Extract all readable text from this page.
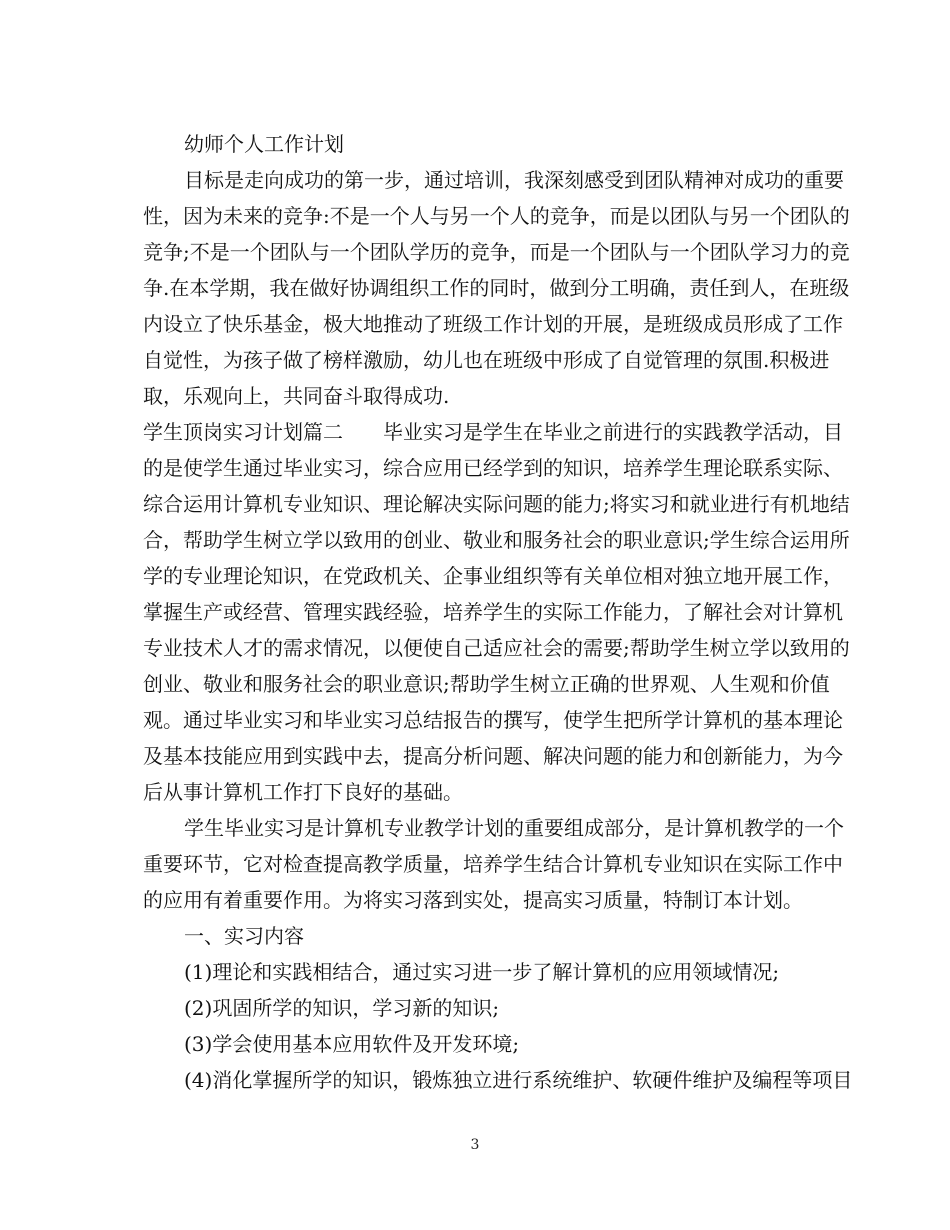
幼师个人工作计划
目标是走向成功的第一步，通过培训，我深刻感受到团队精神对成功的重要
性，因为未来的竞争:不是一个人与另一个人的竞争，而是以团队与另一个团队的
竞争;不是一个团队与一个团队学历的竞争，而是一个团队与一个团队学习力的竞
争.在本学期，我在做好协调组织工作的同时，做到分工明确，责任到人，在班级
内设立了快乐基金，极大地推动了班级工作计划的开展，是班级成员形成了工作
自觉性，为孩子做了榜样激励，幼儿也在班级中形成了自觉管理的氛围.积极进
取，乐观向上，共同奋斗取得成功.
学生顶岗实习计划篇二　　毕业实习是学生在毕业之前进行的实践教学活动，目
的是使学生通过毕业实习，综合应用已经学到的知识，培养学生理论联系实际、
综合运用计算机专业知识、理论解决实际问题的能力;将实习和就业进行有机地结
合，帮助学生树立学以致用的创业、敬业和服务社会的职业意识;学生综合运用所
学的专业理论知识，在党政机关、企事业组织等有关单位相对独立地开展工作，
掌握生产或经营、管理实践经验，培养学生的实际工作能力，了解社会对计算机
专业技术人才的需求情况，以便使自己适应社会的需要;帮助学生树立学以致用的
创业、敬业和服务社会的职业意识;帮助学生树立正确的世界观、人生观和价值
观。通过毕业实习和毕业实习总结报告的撰写，使学生把所学计算机的基本理论
及基本技能应用到实践中去，提高分析问题、解决问题的能力和创新能力，为今
后从事计算机工作打下良好的基础。
学生毕业实习是计算机专业教学计划的重要组成部分，是计算机教学的一个
重要环节，它对检查提高教学质量，培养学生结合计算机专业知识在实际工作中
的应用有着重要作用。为将实习落到实处，提高实习质量，特制订本计划。
一、实习内容
(1)理论和实践相结合，通过实习进一步了解计算机的应用领域情况;
(2)巩固所学的知识，学习新的知识;
(3)学会使用基本应用软件及开发环境;
(4)消化掌握所学的知识，锻炼独立进行系统维护、软硬件维护及编程等项目
3
